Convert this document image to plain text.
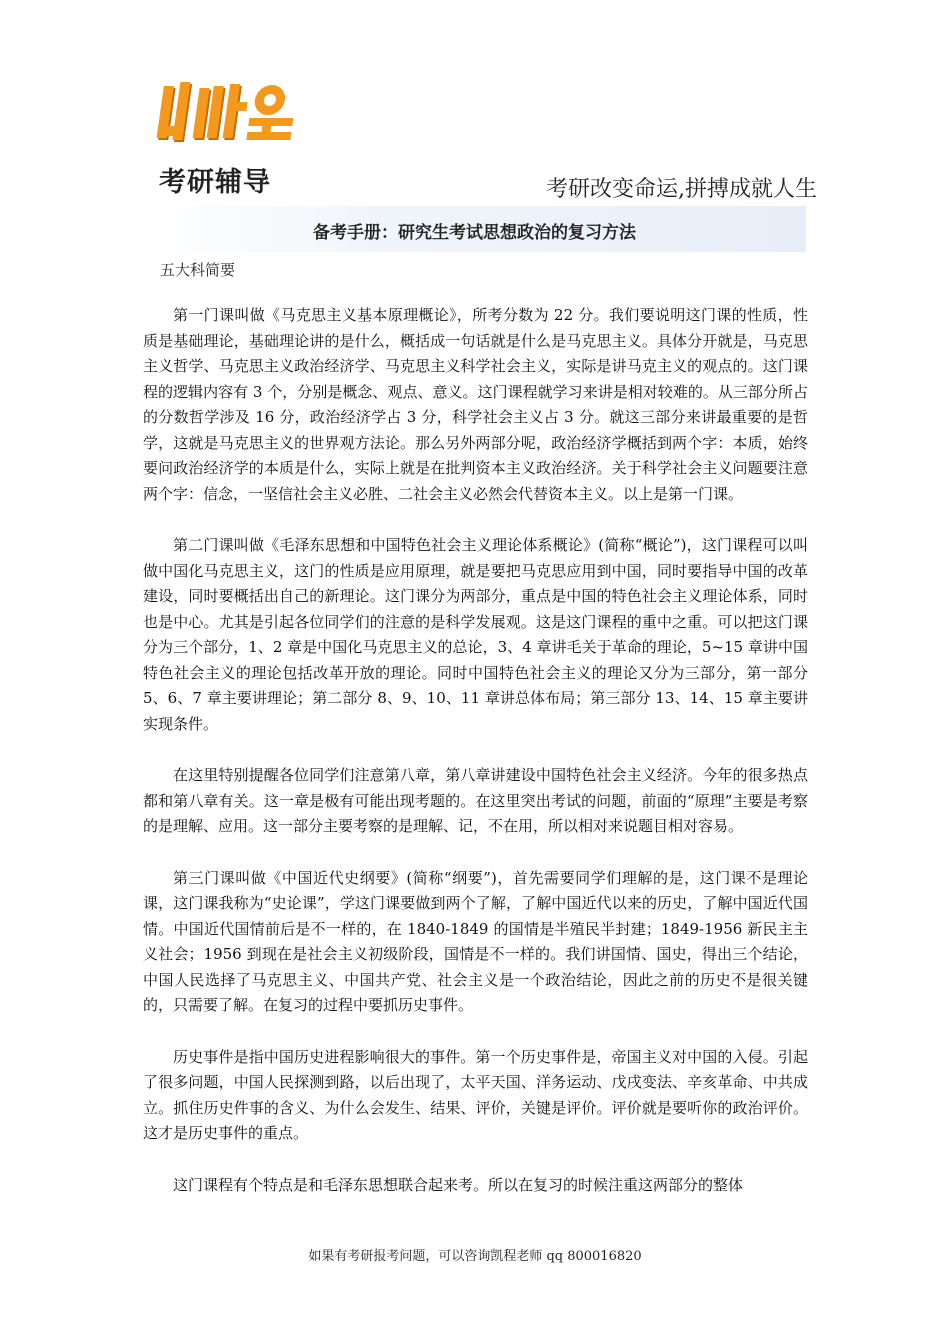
考研辅导	考研改变命运,拼搏成就人生
备考手册：研究生考试思想政治的复习方法
五大科简要

第一门课叫做《马克思主义基本原理概论》，所考分数为 22 分。我们要说明这门课的性质，性质是基础理论，基础理论讲的是什么，概括成一句话就是什么是马克思主义。具体分开就是，马克思主义哲学、马克思主义政治经济学、马克思主义科学社会主义，实际是讲马克主义的观点的。这门课程的逻辑内容有 3 个，分别是概念、观点、意义。这门课程就学习来讲是相对较难的。从三部分所占的分数哲学涉及 16 分，政治经济学占 3 分，科学社会主义占 3 分。就这三部分来讲最重要的是哲学，这就是马克思主义的世界观方法论。那么另外两部分呢，政治经济学概括到两个字：本质，始终要问政治经济学的本质是什么，实际上就是在批判资本主义政治经济。关于科学社会主义问题要注意两个字：信念，一坚信社会主义必胜、二社会主义必然会代替资本主义。以上是第一门课。

第二门课叫做《毛泽东思想和中国特色社会主义理论体系概论》(简称“概论”)，这门课程可以叫做中国化马克思主义，这门的性质是应用原理，就是要把马克思应用到中国，同时要指导中国的改革建设，同时要概括出自己的新理论。这门课分为两部分，重点是中国的特色社会主义理论体系，同时也是中心。尤其是引起各位同学们的注意的是科学发展观。这是这门课程的重中之重。可以把这门课分为三个部分，1、2 章是中国化马克思主义的总论，3、4 章讲毛关于革命的理论，5~15 章讲中国特色社会主义的理论包括改革开放的理论。同时中国特色社会主义的理论又分为三部分，第一部分 5、6、7 章主要讲理论；第二部分 8、9、10、11 章讲总体布局；第三部分 13、14、15 章主要讲实现条件。

在这里特别提醒各位同学们注意第八章，第八章讲建设中国特色社会主义经济。今年的很多热点都和第八章有关。这一章是极有可能出现考题的。在这里突出考试的问题，前面的“原理”主要是考察的是理解、应用。这一部分主要考察的是理解、记，不在用，所以相对来说题目相对容易。

第三门课叫做《中国近代史纲要》(简称“纲要”)，首先需要同学们理解的是，这门课不是理论课，这门课我称为“史论课”，学这门课要做到两个了解，了解中国近代以来的历史，了解中国近代国情。中国近代国情前后是不一样的，在 1840-1849 的国情是半殖民半封建；1849-1956 新民主主义社会；1956 到现在是社会主义初级阶段，国情是不一样的。我们讲国情、国史，得出三个结论，中国人民选择了马克思主义、中国共产党、社会主义是一个政治结论，因此之前的历史不是很关键的，只需要了解。在复习的过程中要抓历史事件。

历史事件是指中国历史进程影响很大的事件。第一个历史事件是，帝国主义对中国的入侵。引起了很多问题，中国人民探测到路，以后出现了，太平天国、洋务运动、戊戌变法、辛亥革命、中共成立。抓住历史件事的含义、为什么会发生、结果、评价，关键是评价。评价就是要听你的政治评价。这才是历史事件的重点。

这门课程有个特点是和毛泽东思想联合起来考。所以在复习的时候注重这两部分的整体

如果有考研报考问题，可以咨询凯程老师 qq 800016820
